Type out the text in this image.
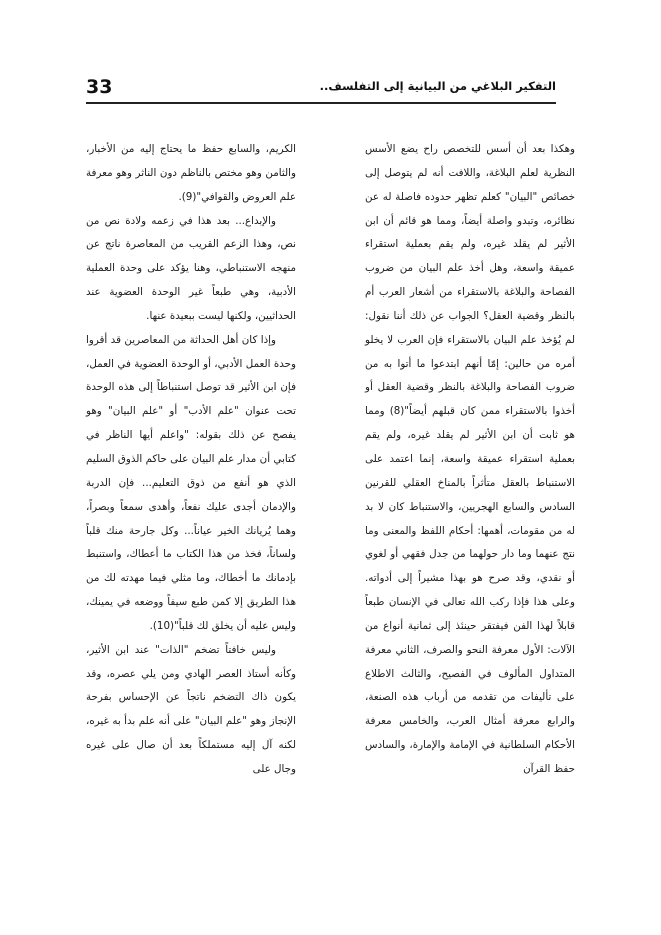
33	التفكير البلاغي من البيانية إلى التفلسف..

وهكذا بعد أن أسس للتخصص راح يضع الأسس النظرية لعلم البلاغة، واللافت أنه لم يتوصل إلى خصائص "البيان" كعلم تظهر حدوده فاصلة له عن نظائره، وتبدو واصلة أيضاً، ومما هو قائم أن ابن الأثير لم يقلد غيره، ولم يقم بعملية استقراء عميقة واسعة، وهل أخذ علم البيان من ضروب الفصاحة والبلاغة بالاستقراء من أشعار العرب أم بالنظر وقضية العقل؟ الجواب عن ذلك أننا نقول: لم يُؤخذ علم البيان بالاستقراء فإن العرب لا يخلو أمره من حالين: إمّا أنهم ابتدعوا ما أتوا به من ضروب الفصاحة والبلاغة بالنظر وقضية العقل أو أخذوا بالاستقراء ممن كان قبلهم أيضاً"(8) ومما هو ثابت أن ابن الأثير لم يقلد غيره، ولم يقم بعملية استقراء عميقة واسعة، إنما اعتمد على الاستنباط بالعقل متأثراً بالمناخ العقلي للقرنين السادس والسابع الهجريين، والاستنباط كان لا بد له من مقومات، أهمها: أحكام اللفظ والمعنى وما نتج عنهما وما دار حولهما من جدل فقهي أو لغوي أو نقدي، وقد صرح هو بهذا مشيراً إلى أدواته. وعلى هذا فإذا ركب الله تعالى في الإنسان طبعاً قابلاً لهذا الفن فيفتقر حينئذ إلى ثمانية أنواع من الآلات: الأول معرفة النحو والصرف، الثاني معرفة المتداول المألوف في الفصيح، والثالث الاطلاع على تأليفات من تقدمه من أرباب هذه الصنعة، والرابع معرفة أمثال العرب، والخامس معرفة الأحكام السلطانية في الإمامة والإمارة، والسادس حفظ القرآن

الكريم، والسابع حفظ ما يحتاج إليه من الأخبار، والثامن وهو مختص بالناظم دون الناثر وهو معرفة علم العروض والقوافي"(9).

والإبداع... بعد هذا في زعمه ولادة نص من نص، وهذا الزعم القريب من المعاصرة ناتج عن منهجه الاستنباطي، وهنا يؤكد على وحدة العملية الأدبية، وهي طبعاً غير الوحدة العضوية عند الحداثيين، ولكنها ليست ببعيدة عنها.

وإذا كان أهل الحداثة من المعاصرين قد أقروا وحدة العمل الأدبي، أو الوحدة العضوية في العمل، فإن ابن الأثير قد توصل استنباطاً إلى هذه الوحدة تحت عنوان "علم الأدب" أو "علم البيان" وهو يفصح عن ذلك بقوله: "واعلم أيها الناظر في كتابي أن مدار علم البيان على حاكم الذوق السليم الذي هو أنفع من ذوق التعليم... فإن الدربة والإدمان أجدى عليك نفعاً، وأهدى سمعاً وبصراً، وهما يُريانك الخير عياناً... وكل جارحة منك قلباً ولساناً، فخذ من هذا الكتاب ما أعطاك، واستنبط بإدمانك ما أخطاك، وما مثلي فيما مهدته لك من هذا الطريق إلا كمن طبع سيفاً ووضعه في يمينك، وليس عليه أن يخلق لك قلباً"(10).

وليس خافتاً تضخم "الذات" عند ابن الأثير، وكأنه أستاذ العصر الهادي ومن يلي عصره، وقد يكون ذاك التضخم ناتجاً عن الإحساس بفرحة الإنجاز وهو "علم البيان" على أنه علم بدأ به غيره، لكنه آل إليه مستملكاً بعد أن صال على غيره وجال على
